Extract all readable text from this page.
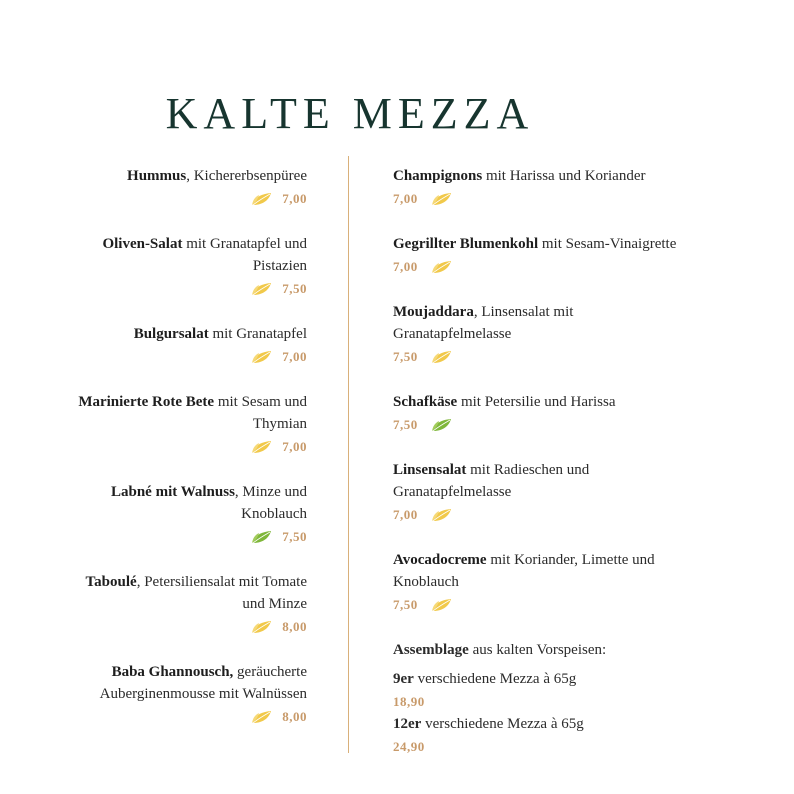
KALTE MEZZA

Hummus, Kichererbsenpüree

7,00

Oliven-Salat mit Granatapfel und Pistazien

7,50

Bulgursalat mit Granatapfel

7,00

Marinierte Rote Bete mit Sesam und Thymian

7,00

Labné mit Walnuss, Minze und Knoblauch

7,50

Taboulé, Petersiliensalat mit Tomate und Minze

8,00

Baba Ghannousch, geräucherte Auberginenmousse mit Walnüssen

8,00

Champignons mit Harissa und Koriander

7,00

Gegrillter Blumenkohl mit Sesam-Vinaigrette

7,00

Moujaddara, Linsensalat mit Granatapfelmelasse

7,50

Schafkäse mit Petersilie und Harissa

7,50

Linsensalat mit Radieschen und Granatapfelmelasse

7,00

Avocadocreme mit Koriander, Limette und Knoblauch

7,50

Assemblage aus kalten Vorspeisen:

9er verschiedene Mezza à 65g

18,90

12er verschiedene Mezza à 65g

24,90
